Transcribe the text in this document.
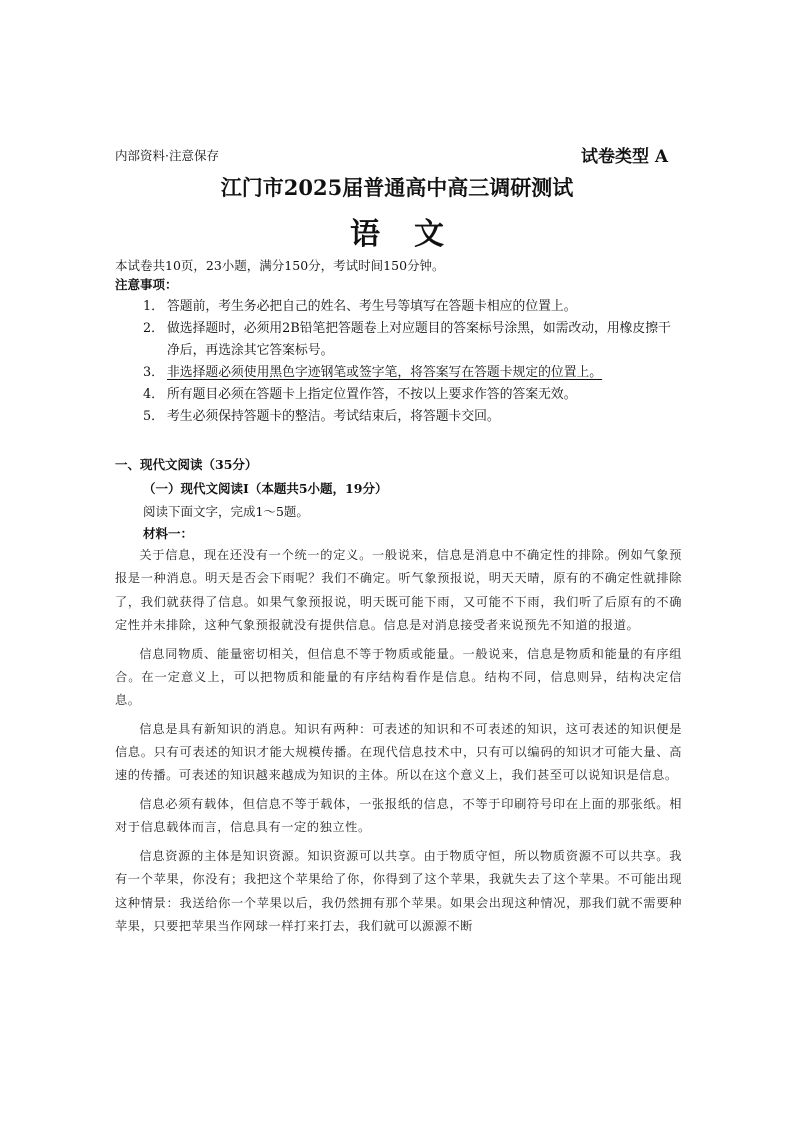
内部资料·注意保存	试卷类型 A
江门市2025届普通高中高三调研测试
语文
本试卷共10页，23小题，满分150分，考试时间150分钟。
注意事项：
1． 答题前，考生务必把自己的姓名、考生号等填写在答题卡相应的位置上。
2． 做选择题时，必须用2B铅笔把答题卷上对应题目的答案标号涂黑，如需改动，用橡皮擦干净后，再选涂其它答案标号。
3． 非选择题必须使用黑色字迹钢笔或签字笔，将答案写在答题卡规定的位置上。
4． 所有题目必须在答题卡上指定位置作答，不按以上要求作答的答案无效。
5． 考生必须保持答题卡的整洁。考试结束后，将答题卡交回。
一、现代文阅读（35分）
（一）现代文阅读Ⅰ（本题共5小题，19分）
阅读下面文字，完成1～5题。
材料一：

关于信息，现在还没有一个统一的定义。一般说来，信息是消息中不确定性的排除。例如气象预报是一种消息。明天是否会下雨呢？我们不确定。听气象预报说，明天天晴，原有的不确定性就排除了，我们就获得了信息。如果气象预报说，明天既可能下雨，又可能不下雨，我们听了后原有的不确定性并未排除，这种气象预报就没有提供信息。信息是对消息接受者来说预先不知道的报道。

信息同物质、能量密切相关，但信息不等于物质或能量。一般说来，信息是物质和能量的有序组合。在一定意义上，可以把物质和能量的有序结构看作是信息。结构不同，信息则异，结构决定信息。

信息是具有新知识的消息。知识有两种：可表述的知识和不可表述的知识，这可表述的知识便是信息。只有可表述的知识才能大规模传播。在现代信息技术中，只有可以编码的知识才可能大量、高速的传播。可表述的知识越来越成为知识的主体。所以在这个意义上，我们甚至可以说知识是信息。

信息必须有载体，但信息不等于载体，一张报纸的信息，不等于印刷符号印在上面的那张纸。相对于信息载体而言，信息具有一定的独立性。

信息资源的主体是知识资源。知识资源可以共享。由于物质守恒，所以物质资源不可以共享。我有一个苹果，你没有；我把这个苹果给了你，你得到了这个苹果，我就失去了这个苹果。不可能出现这种情景：我送给你一个苹果以后，我仍然拥有那个苹果。如果会出现这种情况，那我们就不需要种苹果，只要把苹果当作网球一样打来打去，我们就可以源源不断
